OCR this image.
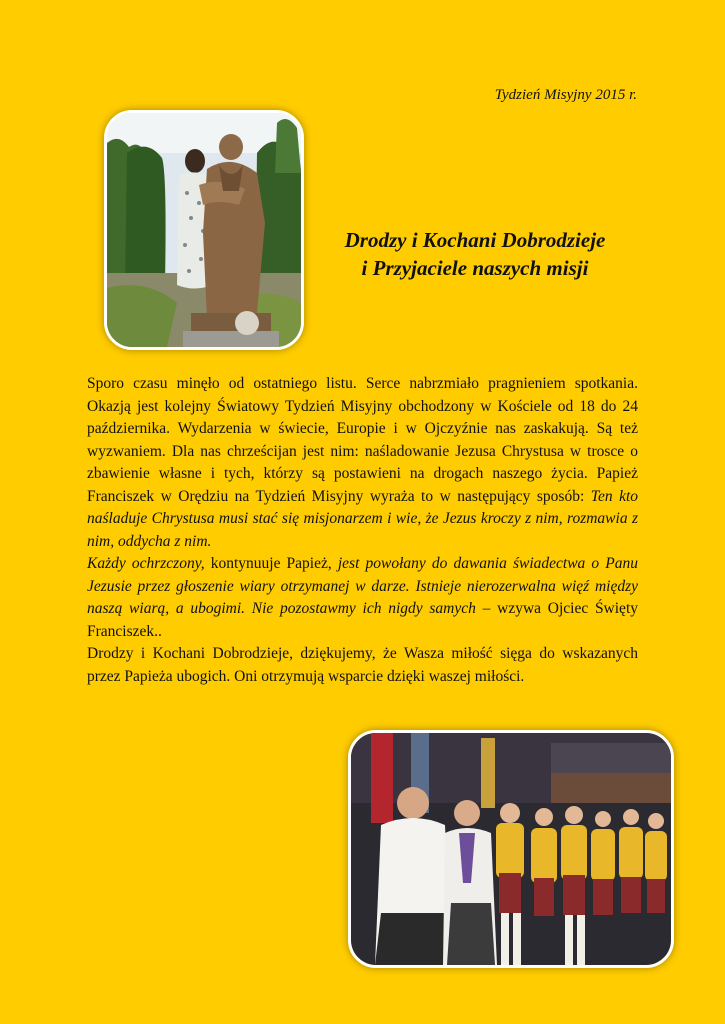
Tydzień Misyjny 2015 r.
Drodzy i Kochani Dobrodzieje
i Przyjaciele naszych misji

Sporo czasu minęło od ostatniego listu. Serce nabrzmiało pragnieniem spotkania. Okazją jest kolejny Światowy Tydzień Misyjny obchodzony w Kościele od 18 do 24 października. Wydarzenia w świecie, Europie i w Ojczyźnie nas zaskakują. Są też wyzwaniem. Dla nas chrześcijan jest nim: naśladowanie Jezusa Chrystusa w trosce o zbawienie własne i tych, którzy są postawieni na drogach naszego życia. Papież Franciszek w Orędziu na Tydzień Misyjny wyraża to w następujący sposób: Ten kto naśladuje Chrystusa musi stać się misjonarzem i wie, że Jezus kroczy z nim, rozmawia z nim, oddycha z nim.

Każdy ochrzczony, kontynuuje Papież, jest powołany do dawania świadectwa o Panu Jezusie przez głoszenie wiary otrzymanej w darze. Istnieje nierozerwalna więź między naszą wiarą, a ubogimi. Nie pozostawmy ich nigdy samych – wzywa Ojciec Święty Franciszek..

Drodzy i Kochani Dobrodzieje, dziękujemy, że Wasza miłość sięga do wskazanych przez Papieża ubogich. Oni otrzymują wsparcie dzięki waszej miłości.
